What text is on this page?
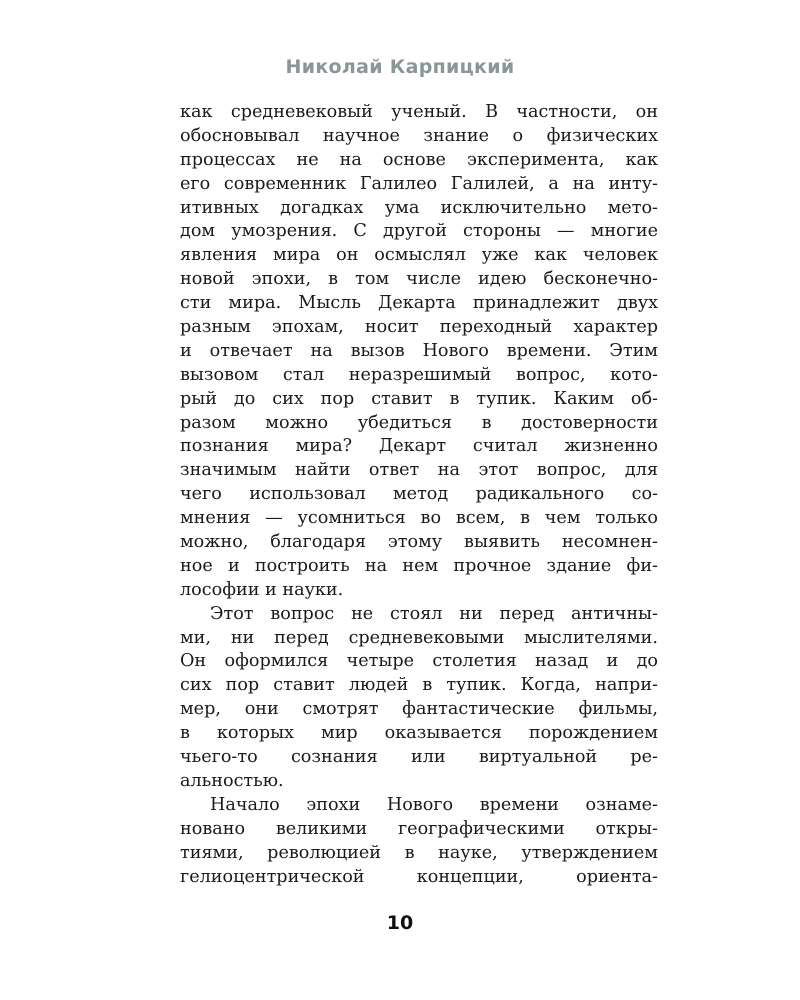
Николай Карпицкий
как средневековый ученый. В частности, он
обосновывал научное знание о физических
процессах не на основе эксперимента, как
его современник Галилео Галилей, а на инту-
итивных догадках ума исключительно мето-
дом умозрения. С другой стороны — многие
явления мира он осмыслял уже как человек
новой эпохи, в том числе идею бесконечно-
сти мира. Мысль Декарта принадлежит двух
разным эпохам, носит переходный характер
и отвечает на вызов Нового времени. Этим
вызовом стал неразрешимый вопрос, кото-
рый до сих пор ставит в тупик. Каким об-
разом можно убедиться в достоверности
познания мира? Декарт считал жизненно
значимым найти ответ на этот вопрос, для
чего использовал метод радикального со-
мнения — усомниться во всем, в чем только
можно, благодаря этому выявить несомнен-
ное и построить на нем прочное здание фи-
лософии и науки.
Этот вопрос не стоял ни перед античны-
ми, ни перед средневековыми мыслителями.
Он оформился четыре столетия назад и до
сих пор ставит людей в тупик. Когда, напри-
мер, они смотрят фантастические фильмы,
в которых мир оказывается порождением
чьего-то сознания или виртуальной ре-
альностью.
Начало эпохи Нового времени ознаме-
новано великими географическими откры-
тиями, революцией в науке, утверждением
гелиоцентрической концепции, ориента-
10
